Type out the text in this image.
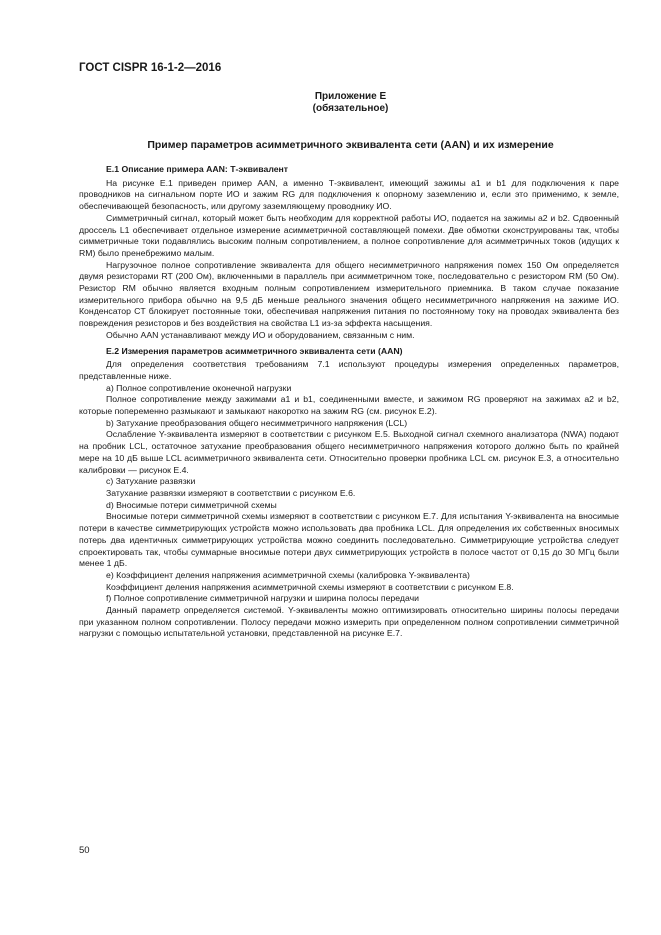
ГОСТ CISPR 16-1-2—2016
Приложение Е
(обязательное)
Пример параметров асимметричного эквивалента сети (AAN) и их измерение

Е.1 Описание примера AAN: Т-эквивалент

На рисунке Е.1 приведен пример AAN, а именно Т-эквивалент, имеющий зажимы a1 и b1 для подключения к паре проводников на сигнальном порте ИО и зажим RG для подключения к опорному заземлению и, если это применимо, к земле, обеспечивающей безопасность, или другому заземляющему проводнику ИО.

Симметричный сигнал, который может быть необходим для корректной работы ИО, подается на зажимы a2 и b2. Сдвоенный дроссель L1 обеспечивает отдельное измерение асимметричной составляющей помехи. Две обмотки сконструированы так, чтобы симметричные токи подавлялись высоким полным сопротивлением, а полное сопротивление для асимметричных токов (идущих к RM) было пренебрежимо малым.

Нагрузочное полное сопротивление эквивалента для общего несимметричного напряжения помех 150 Ом определяется двумя резисторами RT (200 Ом), включенными в параллель при асимметричном токе, последовательно с резистором RM (50 Ом). Резистор RM обычно является входным полным сопротивлением измерительного приемника. В таком случае показание измерительного прибора обычно на 9,5 дБ меньше реального значения общего несимметричного напряжения на зажиме ИО. Конденсатор CT блокирует постоянные токи, обеспечивая напряжения питания по постоянному току на проводах эквивалента без повреждения резисторов и без воздействия на свойства L1 из-за эффекта насыщения.

Обычно AAN устанавливают между ИО и оборудованием, связанным с ним.

Е.2 Измерения параметров асимметричного эквивалента сети (AAN)

Для определения соответствия требованиям 7.1 используют процедуры измерения определенных параметров, представленные ниже.

а) Полное сопротивление оконечной нагрузки

Полное сопротивление между зажимами a1 и b1, соединенными вместе, и зажимом RG проверяют на зажимах a2 и b2, которые попеременно размыкают и замыкают накоротко на зажим RG (см. рисунок Е.2).

b) Затухание преобразования общего несимметричного напряжения (LCL)

Ослабление Y-эквивалента измеряют в соответствии с рисунком Е.5. Выходной сигнал схемного анализатора (NWA) подают на пробник LCL, остаточное затухание преобразования общего несимметричного напряжения которого должно быть по крайней мере на 10 дБ выше LCL асимметричного эквивалента сети. Относительно проверки пробника LCL см. рисунок Е.3, а относительно калибровки — рисунок Е.4.

с) Затухание развязки

Затухание развязки измеряют в соответствии с рисунком Е.6.

d) Вносимые потери симметричной схемы

Вносимые потери симметричной схемы измеряют в соответствии с рисунком Е.7. Для испытания Y-эквивалента на вносимые потери в качестве симметрирующих устройств можно использовать два пробника LCL. Для определения их собственных вносимых потерь два идентичных симметрирующих устройства можно соединить последовательно. Симметрирующие устройства следует спроектировать так, чтобы суммарные вносимые потери двух симметрирующих устройств в полосе частот от 0,15 до 30 МГц были менее 1 дБ.

е) Коэффициент деления напряжения асимметричной схемы (калибровка Y-эквивалента)

Коэффициент деления напряжения асимметричной схемы измеряют в соответствии с рисунком Е.8.

f) Полное сопротивление симметричной нагрузки и ширина полосы передачи

Данный параметр определяется системой. Y-эквиваленты можно оптимизировать относительно ширины полосы передачи при указанном полном сопротивлении. Полосу передачи можно измерить при определенном полном сопротивлении симметричной нагрузки с помощью испытательной установки, представленной на рисунке Е.7.

50
